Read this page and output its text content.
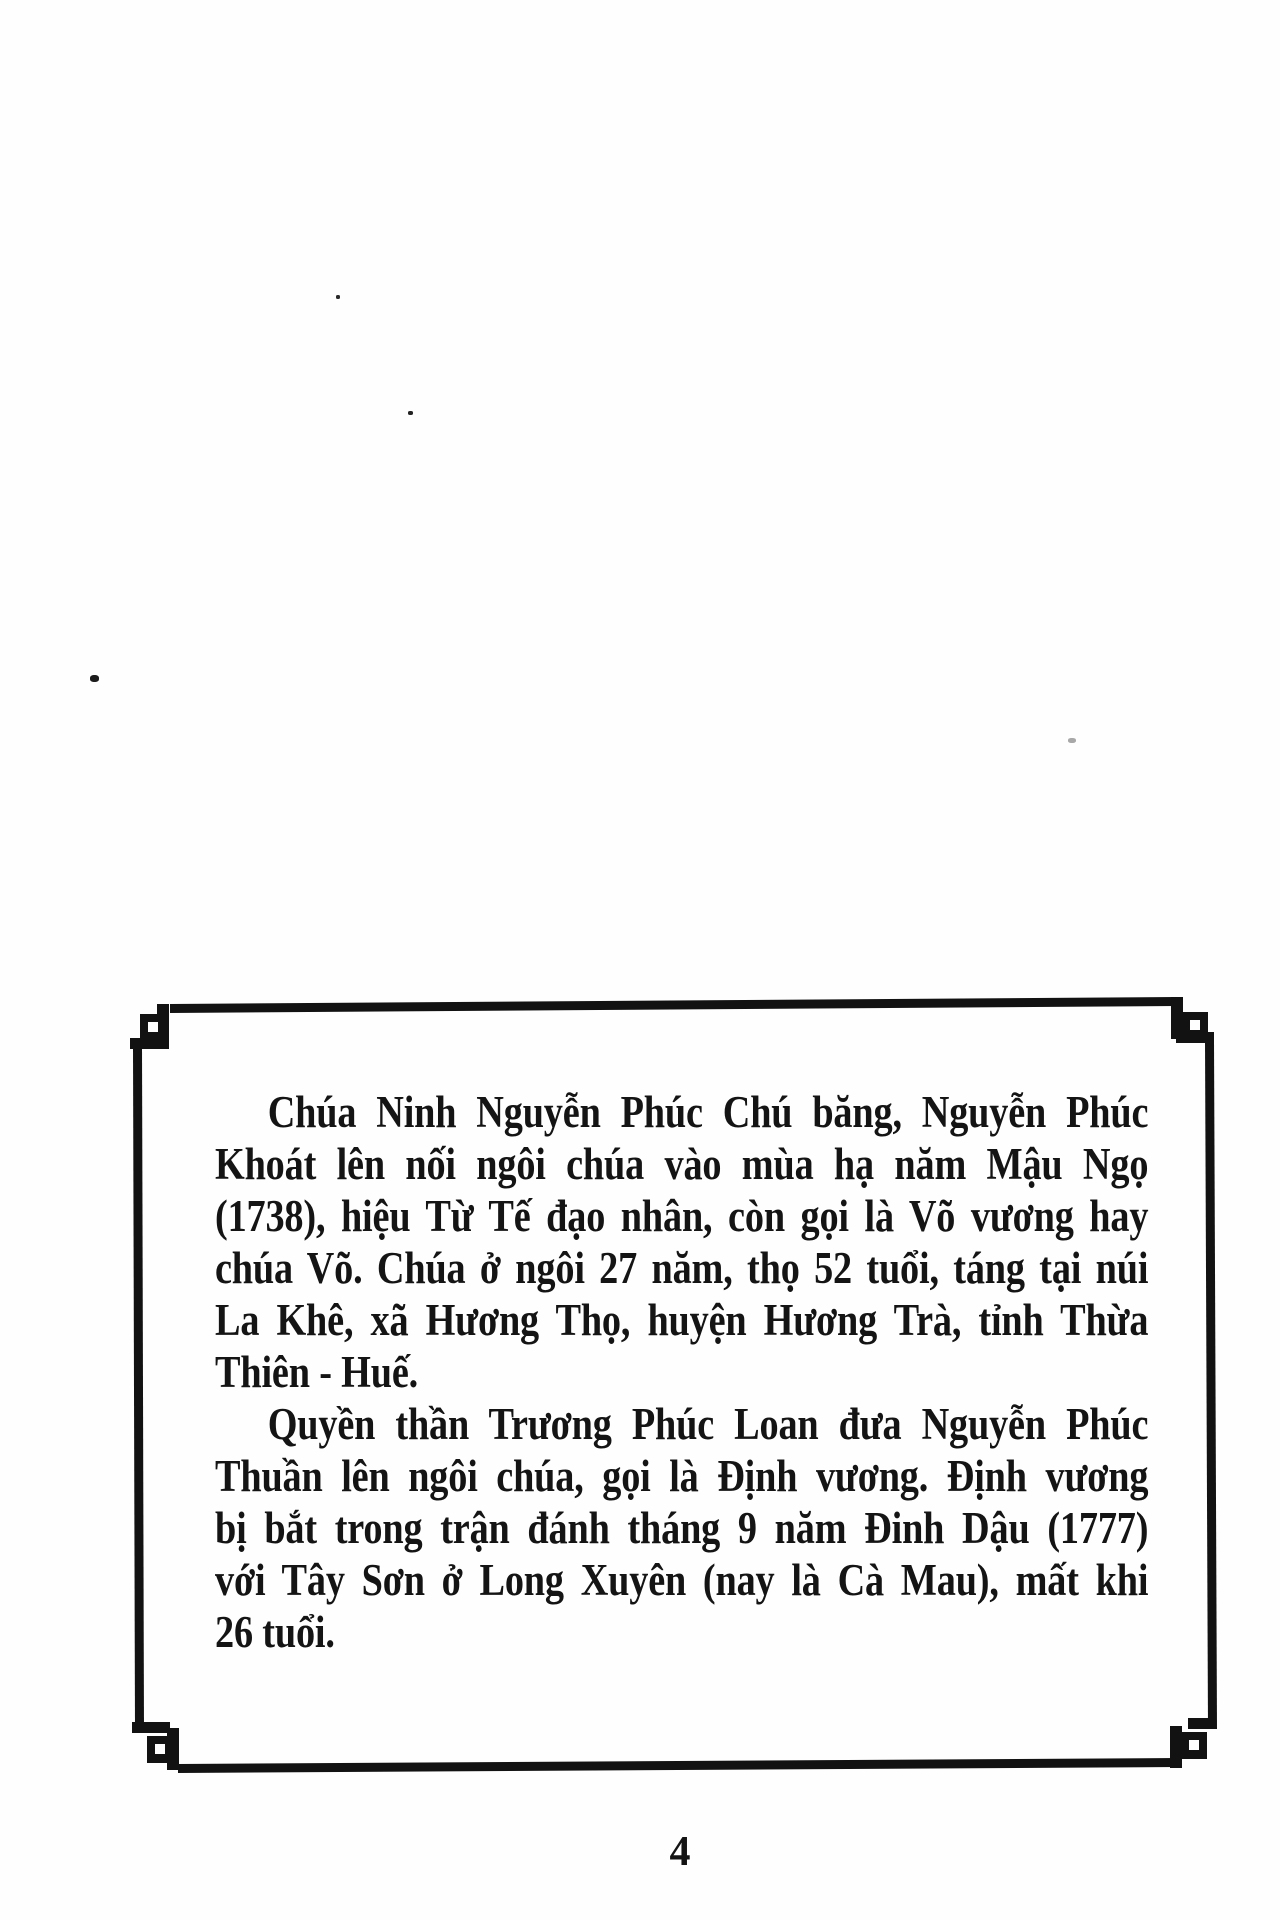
Chúa Ninh Nguyễn Phúc Chú băng, Nguyễn Phúc
Khoát lên nối ngôi chúa vào mùa hạ năm Mậu Ngọ
(1738), hiệu Từ Tế đạo nhân, còn gọi là Võ vương hay
chúa Võ. Chúa ở ngôi 27 năm, thọ 52 tuổi, táng tại núi
La Khê, xã Hương Thọ, huyện Hương Trà, tỉnh Thừa
Thiên - Huế.
Quyền thần Trương Phúc Loan đưa Nguyễn Phúc
Thuần lên ngôi chúa, gọi là Định vương. Định vương
bị bắt trong trận đánh tháng 9 năm Đinh Dậu (1777)
với Tây Sơn ở Long Xuyên (nay là Cà Mau), mất khi
26 tuổi.
4
